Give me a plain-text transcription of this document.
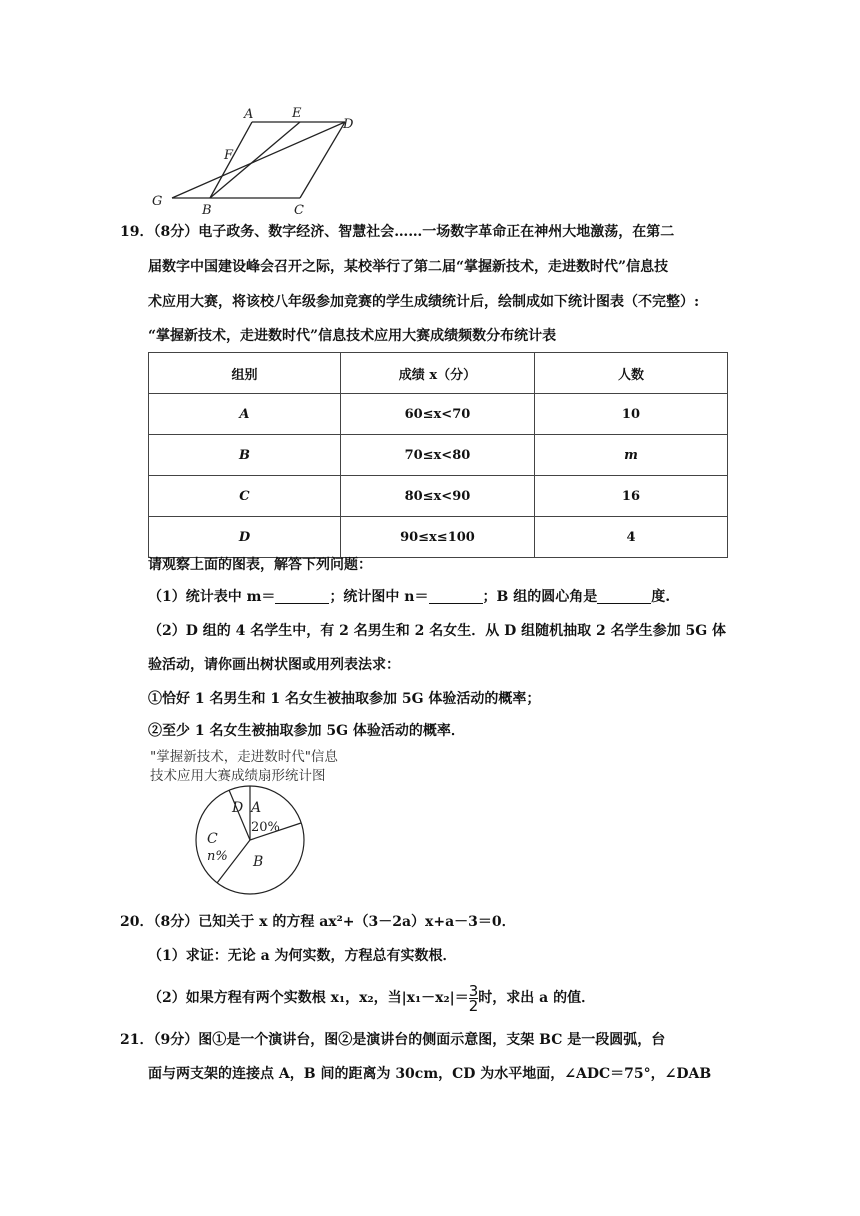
A	E
D
F
G
B	C
19．（8分）电子政务、数字经济、智慧社会……一场数字革命正在神州大地激荡，在第二
届数字中国建设峰会召开之际，某校举行了第二届“掌握新技术，走进数时代”信息技
术应用大赛，将该校八年级参加竞赛的学生成绩统计后，绘制成如下统计图表（不完整）:
“掌握新技术，走进数时代”信息技术应用大赛成绩频数分布统计表
组别	成绩 x（分）	人数
A	60≤x<70	10
B	70≤x<80	m
C	80≤x<90	16
D	90≤x≤100	4
请观察上面的图表，解答下列问题：
（1）统计表中 m＝	；统计图中 n＝	；B 组的圆心角是	度.
（2）D 组的 4 名学生中，有 2 名男生和 2 名女生．从 D 组随机抽取 2 名学生参加 5G 体
验活动，请你画出树状图或用列表法求：
①恰好 1 名男生和 1 名女生被抽取参加 5G 体验活动的概率；
②至少 1 名女生被抽取参加 5G 体验活动的概率．
"掌握新技术，走进数时代"信息
技术应用大赛成绩扇形统计图
D A
20%
C
n% B
20．（8分）已知关于 x 的方程 ax²+（3－2a）x+a－3＝0．
（1）求证：无论 a 为何实数，方程总有实数根．
（2）如果方程有两个实数根 x₁，x₂，当$|x_1-x_2|= \frac{3}{2}$ 时，求出 a 的值．
21．（9分）图①是一个演讲台，图②是演讲台的侧面示意图，支架 BC 是一段圆弧，台
面与两支架的连接点 A，B 间的距离为 30cm，CD 为水平地面，∠ADC＝75°，∠DAB
